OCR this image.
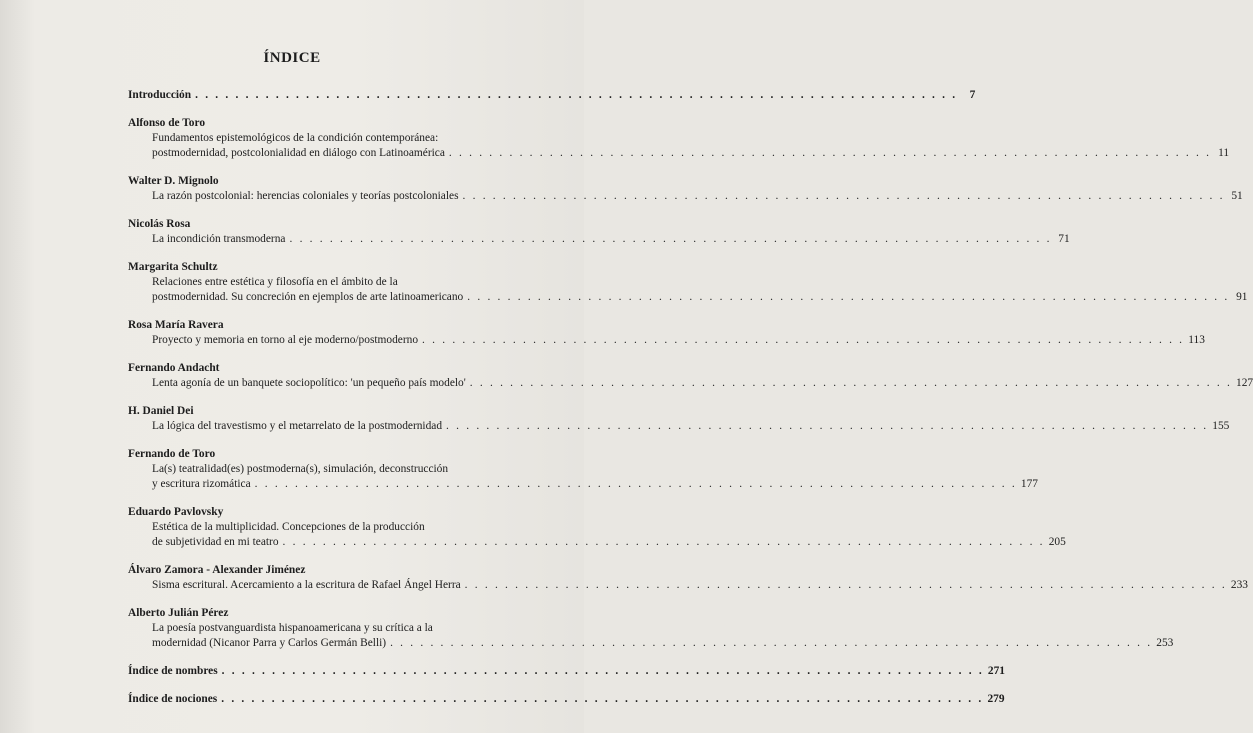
ÍNDICE
Introducción . . . . . . . . . . . . . . . . . . . . . . . . . . . . . . . . . . . . . . . . . . . . . . . . . . . . . . . . . . . . . . . . . . . . . . . . . . . .	7
Alfonso de Toro
Fundamentos epistemológicos de la condición contemporánea:
postmodernidad, postcolonialidad en diálogo con Latinoamérica . . . . . . . . . . . . . . . . . . . . . . . . . . . . . . . . . . . . . . . . . . . . . . . . . . . . . . . . . . . . . . . . . . . . . . . . . . . . 11
Walter D. Mignolo
La razón postcolonial: herencias coloniales y teorías postcoloniales . . . . . . . . . . . . . . . . . . . . . . . . . . . . . . . . . . . . . . . . . . . . . . . . . . . . . . . . . . . . . . . . . . . . . . . . . . . . 51
Nicolás Rosa
La incondición transmoderna . . . . . . . . . . . . . . . . . . . . . . . . . . . . . . . . . . . . . . . . . . . . . . . . . . . . . . . . . . . . . . . . . . . . . . . . . . . . 71
Margarita Schultz
Relaciones entre estética y filosofía en el ámbito de la
postmodernidad. Su concreción en ejemplos de arte latinoamericano . . . . . . . . . . . . . . . . . . . . . . . . . . . . . . . . . . . . . . . . . . . . . . . . . . . . . . . . . . . . . . . . . . . . . . . . . . . . 91
Rosa María Ravera
Proyecto y memoria en torno al eje moderno/postmoderno . . . . . . . . . . . . . . . . . . . . . . . . . . . . . . . . . . . . . . . . . . . . . . . . . . . . . . . . . . . . . . . . . . . . . . . . . . . . 113
Fernando Andacht
Lenta agonía de un banquete sociopolítico: 'un pequeño país modelo' . . . . . . . . . . . . . . . . . . . . . . . . . . . . . . . . . . . . . . . . . . . . . . . . . . . . . . . . . . . . . . . . . . . . . . . . . . . . 127
H. Daniel Dei
La lógica del travestismo y el metarrelato de la postmodernidad . . . . . . . . . . . . . . . . . . . . . . . . . . . . . . . . . . . . . . . . . . . . . . . . . . . . . . . . . . . . . . . . . . . . . . . . . . . . 155
Fernando de Toro
La(s) teatralidad(es) postmoderna(s), simulación, deconstrucción
y escritura rizomática . . . . . . . . . . . . . . . . . . . . . . . . . . . . . . . . . . . . . . . . . . . . . . . . . . . . . . . . . . . . . . . . . . . . . . . . . . . . 177
Eduardo Pavlovsky
Estética de la multiplicidad. Concepciones de la producción
de subjetividad en mi teatro . . . . . . . . . . . . . . . . . . . . . . . . . . . . . . . . . . . . . . . . . . . . . . . . . . . . . . . . . . . . . . . . . . . . . . . . . . . . 205
Álvaro Zamora - Alexander Jiménez
Sisma escritural. Acercamiento a la escritura de Rafael Ángel Herra . . . . . . . . . . . . . . . . . . . . . . . . . . . . . . . . . . . . . . . . . . . . . . . . . . . . . . . . . . . . . . . . . . . . . . . . . . . . 233
Alberto Julián Pérez
La poesía postvanguardista hispanoamericana y su crítica a la
modernidad (Nicanor Parra y Carlos Germán Belli) . . . . . . . . . . . . . . . . . . . . . . . . . . . . . . . . . . . . . . . . . . . . . . . . . . . . . . . . . . . . . . . . . . . . . . . . . . . . 253
Índice de nombres . . . . . . . . . . . . . . . . . . . . . . . . . . . . . . . . . . . . . . . . . . . . . . . . . . . . . . . . . . . . . . . . . . . . . . . . . . . . 271
Índice de nociones . . . . . . . . . . . . . . . . . . . . . . . . . . . . . . . . . . . . . . . . . . . . . . . . . . . . . . . . . . . . . . . . . . . . . . . . . . . . 279
